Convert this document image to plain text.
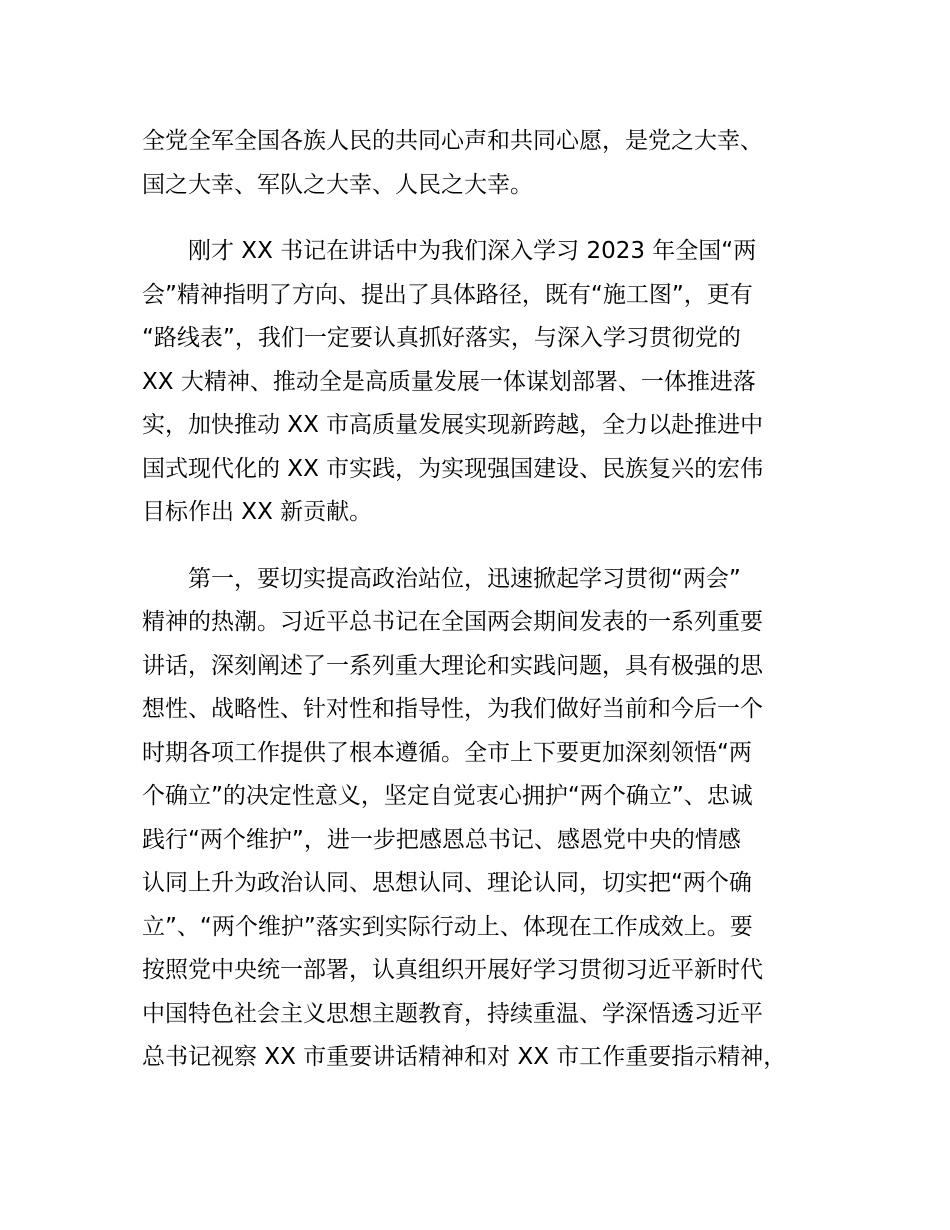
全党全军全国各族人民的共同心声和共同心愿，是党之大幸、
国之大幸、军队之大幸、人民之大幸。
　　刚才 XX 书记在讲话中为我们深入学习 2023 年全国“两
会”精神指明了方向、提出了具体路径，既有“施工图”，更有
“路线表”，我们一定要认真抓好落实，与深入学习贯彻党的
XX 大精神、推动全是高质量发展一体谋划部署、一体推进落
实，加快推动 XX 市高质量发展实现新跨越，全力以赴推进中
国式现代化的 XX 市实践，为实现强国建设、民族复兴的宏伟
目标作出 XX 新贡献。
　　第一，要切实提高政治站位，迅速掀起学习贯彻“两会”
精神的热潮。习近平总书记在全国两会期间发表的一系列重要
讲话，深刻阐述了一系列重大理论和实践问题，具有极强的思
想性、战略性、针对性和指导性，为我们做好当前和今后一个
时期各项工作提供了根本遵循。全市上下要更加深刻领悟“两
个确立”的决定性意义，坚定自觉衷心拥护“两个确立”、忠诚
践行“两个维护”，进一步把感恩总书记、感恩党中央的情感
认同上升为政治认同、思想认同、理论认同，切实把“两个确
立”、“两个维护”落实到实际行动上、体现在工作成效上。要
按照党中央统一部署，认真组织开展好学习贯彻习近平新时代
中国特色社会主义思想主题教育，持续重温、学深悟透习近平
总书记视察 XX 市重要讲话精神和对 XX 市工作重要指示精神，
